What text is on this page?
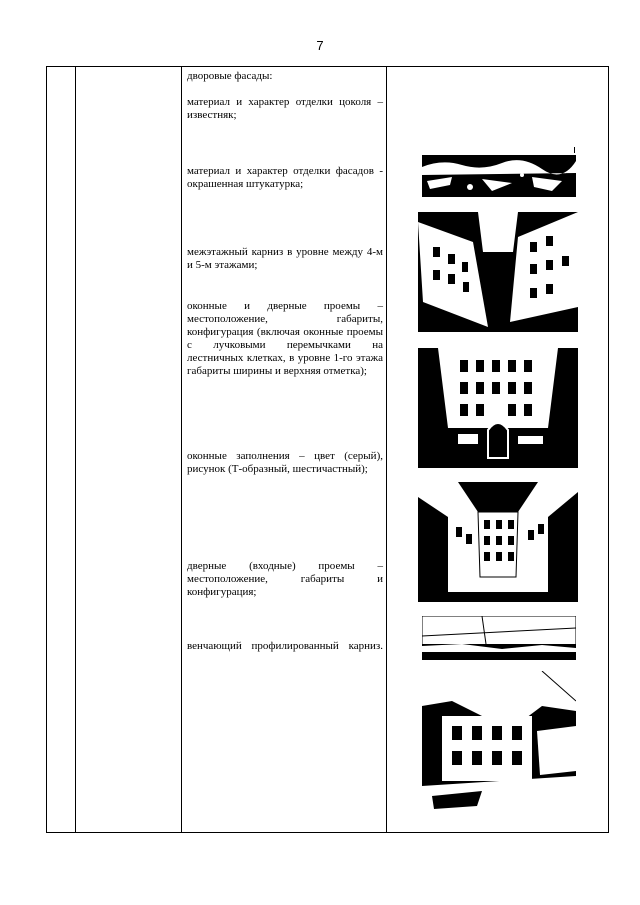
7
дворовые фасады:
материал и характер отделки цоколя – известняк;
материал и характер отделки фасадов - окрашенная штукатурка;
межэтажный карниз в уровне между 4-м и 5-м этажами;
оконные и дверные проемы – местоположение, габариты, конфигурация (включая оконные проемы с лучковыми перемычками на лестничных клетках, в уровне 1-го этажа габариты ширины и верхняя отметка);
оконные заполнения – цвет (серый), рисунок (Т-образный, шестичастный);
дверные (входные) проемы – местоположение, габариты и конфигурация;
венчающий профилированный карниз.
